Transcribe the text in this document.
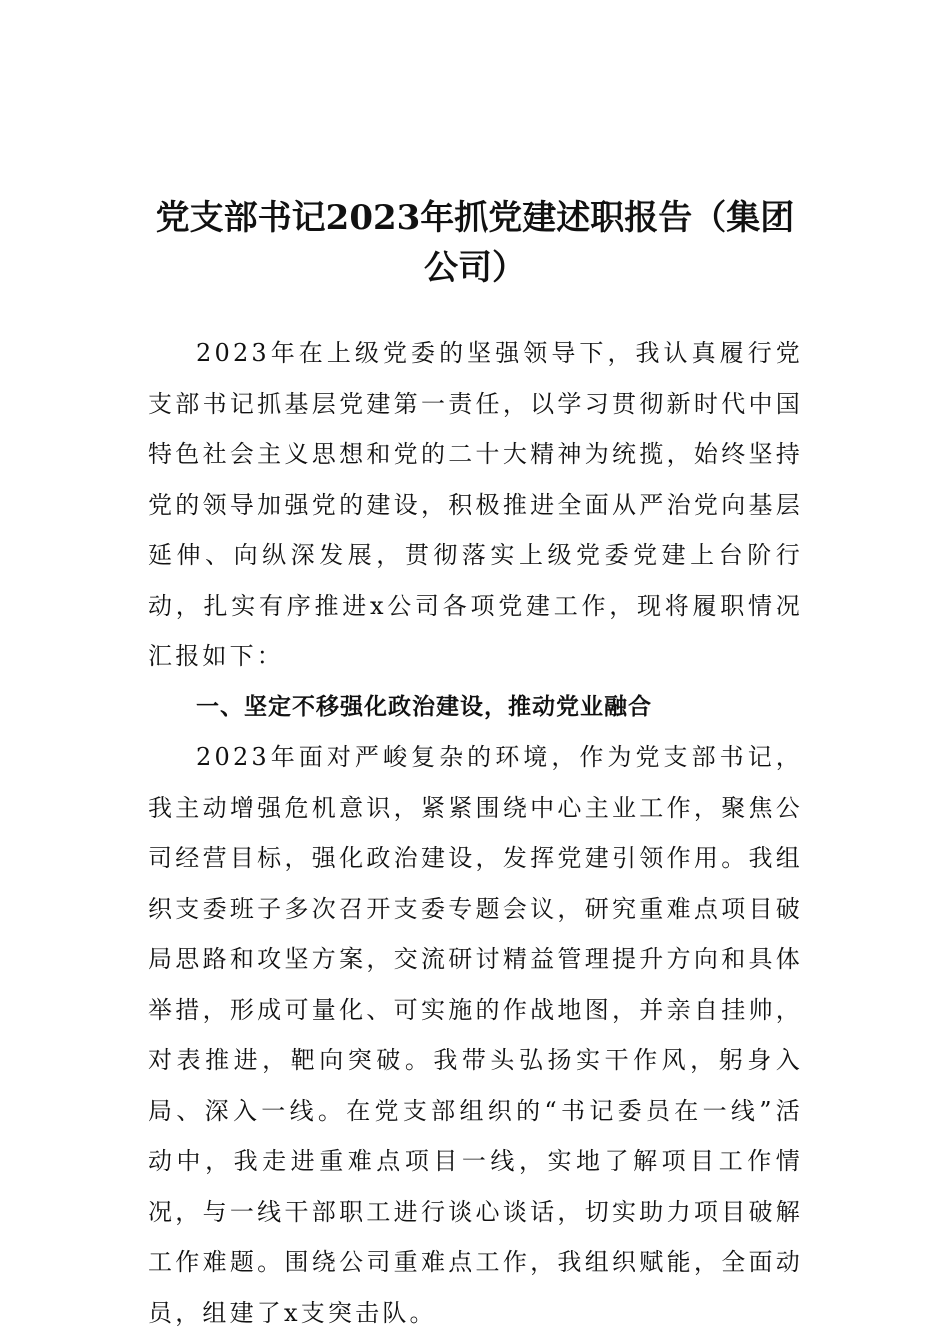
党支部书记2023年抓党建述职报告（集团
公司）

2023年在上级党委的坚强领导下，我认真履行党支部书记抓基层党建第一责任，以学习贯彻新时代中国特色社会主义思想和党的二十大精神为统揽，始终坚持党的领导加强党的建设，积极推进全面从严治党向基层延伸、向纵深发展，贯彻落实上级党委党建上台阶行动，扎实有序推进x公司各项党建工作，现将履职情况汇报如下：

一、坚定不移强化政治建设，推动党业融合

2023年面对严峻复杂的环境，作为党支部书记，我主动增强危机意识，紧紧围绕中心主业工作，聚焦公司经营目标，强化政治建设，发挥党建引领作用。我组织支委班子多次召开支委专题会议，研究重难点项目破局思路和攻坚方案，交流研讨精益管理提升方向和具体举措，形成可量化、可实施的作战地图，并亲自挂帅，对表推进，靶向突破。我带头弘扬实干作风，躬身入局、深入一线。在党支部组织的“书记委员在一线”活动中，我走进重难点项目一线，实地了解项目工作情况，与一线干部职工进行谈心谈话，切实助力项目破解工作难题。围绕公司重难点工作，我组织赋能，全面动员，组建了x支突击队。
